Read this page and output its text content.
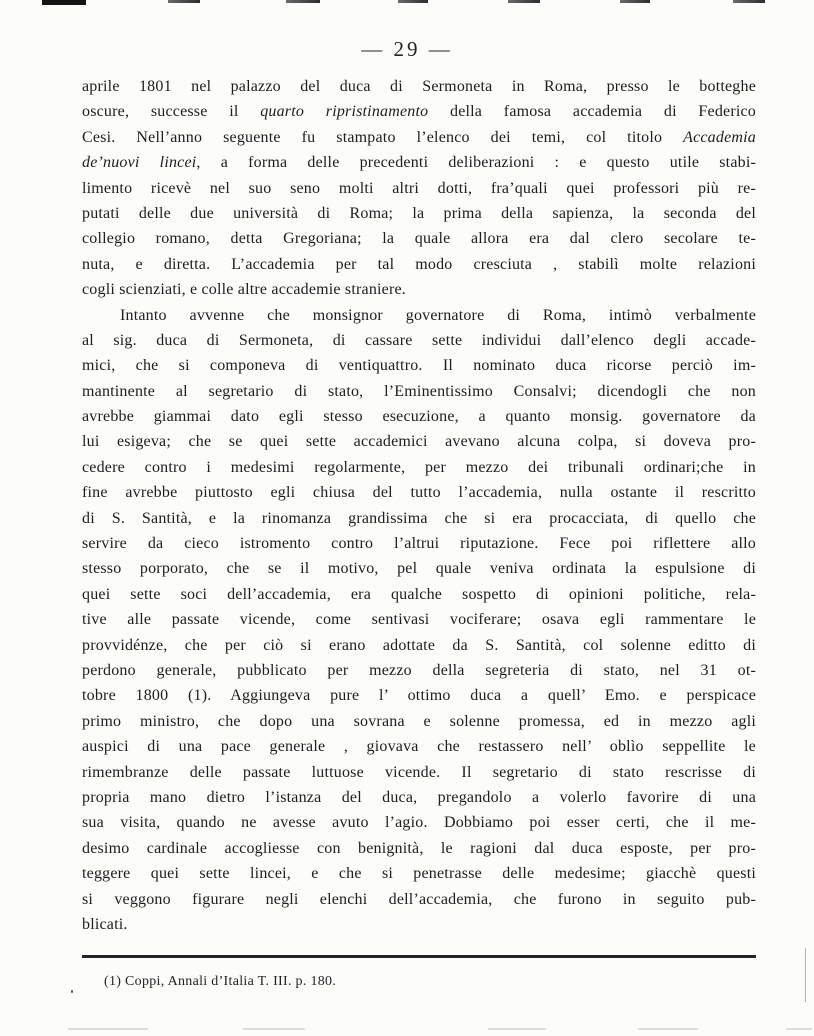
— 29 —
aprile 1801 nel palazzo del duca di Sermoneta in Roma, presso le botteghe
oscure, successe il quarto ripristinamento della famosa accademia di Federico
Cesi. Nell’anno seguente fu stampato l’elenco dei temi, col titolo Accademia
de’nuovi lincei, a forma delle precedenti deliberazioni : e questo utile stabi-
limento ricevè nel suo seno molti altri dotti, fra’quali quei professori più re-
putati delle due università di Roma; la prima della sapienza, la seconda del
collegio romano, detta Gregoriana; la quale allora era dal clero secolare te-
nuta, e diretta. L’accademia per tal modo cresciuta , stabilì molte relazioni
cogli scienziati, e colle altre accademie straniere.
Intanto avvenne che monsignor governatore di Roma, intimò verbalmente
al sig. duca di Sermoneta, di cassare sette individui dall’elenco degli accade-
mici, che si componeva di ventiquattro. Il nominato duca ricorse perciò im-
mantinente al segretario di stato, l’Eminentissimo Consalvi; dicendogli che non
avrebbe giammai dato egli stesso esecuzione, a quanto monsig. governatore da
lui esigeva; che se quei sette accademici avevano alcuna colpa, si doveva pro-
cedere contro i medesimi regolarmente, per mezzo dei tribunali ordinari;che in
fine avrebbe piuttosto egli chiusa del tutto l’accademia, nulla ostante il rescritto
di S. Santità, e la rinomanza grandissima che si era procacciata, di quello che
servire da cieco istromento contro l’altrui riputazione. Fece poi riflettere allo
stesso porporato, che se il motivo, pel quale veniva ordinata la espulsione di
quei sette soci dell’accademia, era qualche sospetto di opinioni politiche, rela-
tive alle passate vicende, come sentivasi vociferare; osava egli rammentare le
provvidénze, che per ciò si erano adottate da S. Santità, col solenne editto di
perdono generale, pubblicato per mezzo della segreteria di stato, nel 31 ot-
tobre 1800 (1). Aggiungeva pure l’ ottimo duca a quell’ Emo. e perspicace
primo ministro, che dopo una sovrana e solenne promessa, ed in mezzo agli
auspici di una pace generale , giovava che restassero nell’ oblìo seppellite le
rimembranze delle passate luttuose vicende. Il segretario di stato rescrisse di
propria mano dietro l’istanza del duca, pregandolo a volerlo favorire di una
sua visita, quando ne avesse avuto l’agio. Dobbiamo poi esser certi, che il me-
desimo cardinale accogliesse con benignità, le ragioni dal duca esposte, per pro-
teggere quei sette lincei, e che si penetrasse delle medesime; giacchè questi
si veggono figurare negli elenchi dell’accademia, che furono in seguito pub-
blicati.
(1) Coppi, Annali d’Italia T. III. p. 180.
